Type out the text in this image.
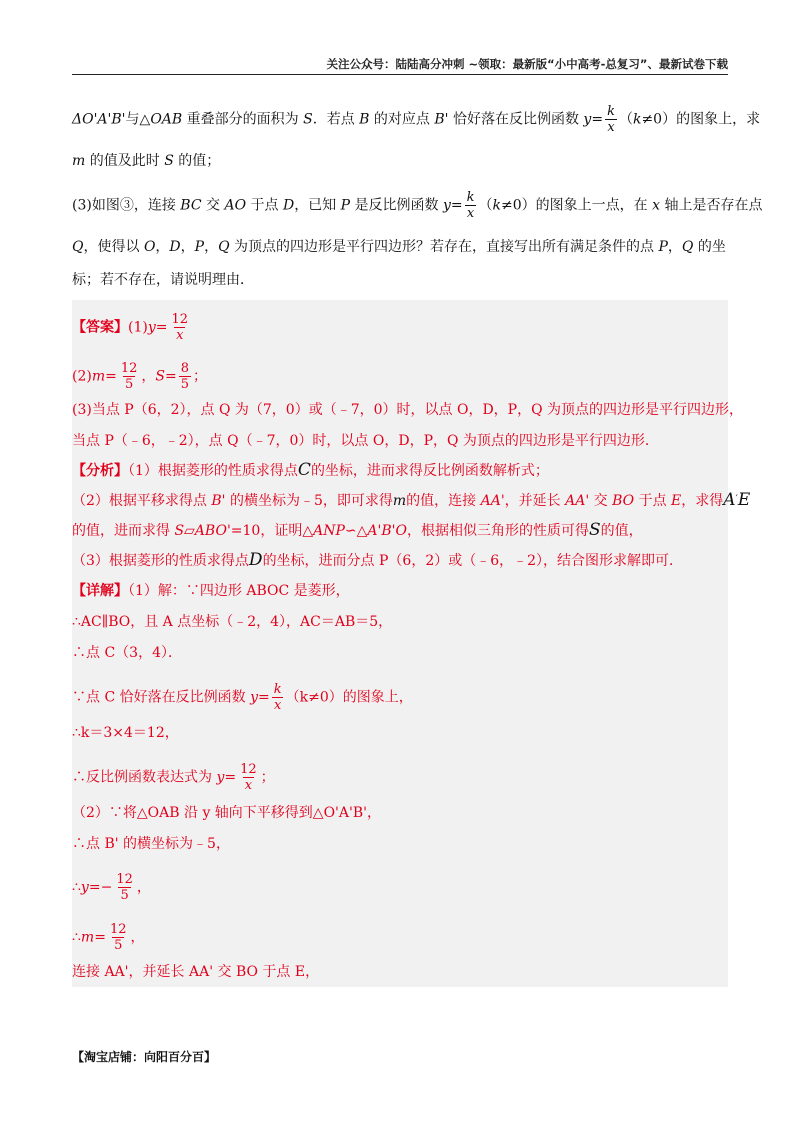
关注公众号：陆陆高分冲刺 ~领取：最新版“小中高考-总复习”、最新试卷下载
ΔO'A'B'与△OAB 重叠部分的面积为 S．若点 B 的对应点 B' 恰好落在反比例函数 $y= \frac{k}{x} (k\ne 0)$的图象上，求
m 的值及此时 S 的值；
(3)如图③，连接 BC 交 AO 于点 D，已知 P 是反比例函数 $y= \frac{k}{x} (k\ne 0)$的图象上一点，在 x 轴上是否存在点
Q，使得以 O，D，P，Q 为顶点的四边形是平行四边形？若存在，直接写出所有满足条件的点 P，Q 的坐
标；若不存在，请说明理由．
【答案】$(1)y= \frac{12}{x}$
$(2)m= \frac{12}{5}$ ，$S= \frac{8}{5}$ ；
(3)当点 P（6，2），点 Q 为（7，0）或（﹣7，0）时，以点 O，D，P，Q 为顶点的四边形是平行四边形，
当点 P（﹣6，﹣2），点 Q（﹣7，0）时，以点 O，D，P，Q 为顶点的四边形是平行四边形．
【分析】（1）根据菱形的性质求得点C的坐标，进而求得反比例函数解析式；
（2）根据平移求得点 B' 的横坐标为﹣5，即可求得m的值，连接 AA'，并延长 AA' 交 BO 于点 E，求得A′E
的值，进而求得 S▱ABO'=10，证明△ANP∽△A'B'O，根据相似三角形的性质可得S的值，
（3）根据菱形的性质求得点D的坐标，进而分点 P（6，2）或（﹣6，﹣2），结合图形求解即可．
【详解】（1）解：∵四边形 ABOC 是菱形，
∴AC∥BO，且 A 点坐标（﹣2，4），AC＝AB＝5，
∴点 C（3，4）．
∵点 C 恰好落在反比例函数 $y= \frac{k}{x} (k\ne 0)$的图象上，
∴k＝3×4＝12，
∴反比例函数表达式为 $y= \frac{12}{x}$ ；
（2）∵将△OAB 沿 y 轴向下平移得到△O'A'B'，
∴点 B' 的横坐标为﹣5，
∴y=− $\frac{12}{5}$ ，
∴m= $\frac{12}{5}$ ，
连接 AA'，并延长 AA' 交 BO 于点 E，
【淘宝店铺：向阳百分百】
